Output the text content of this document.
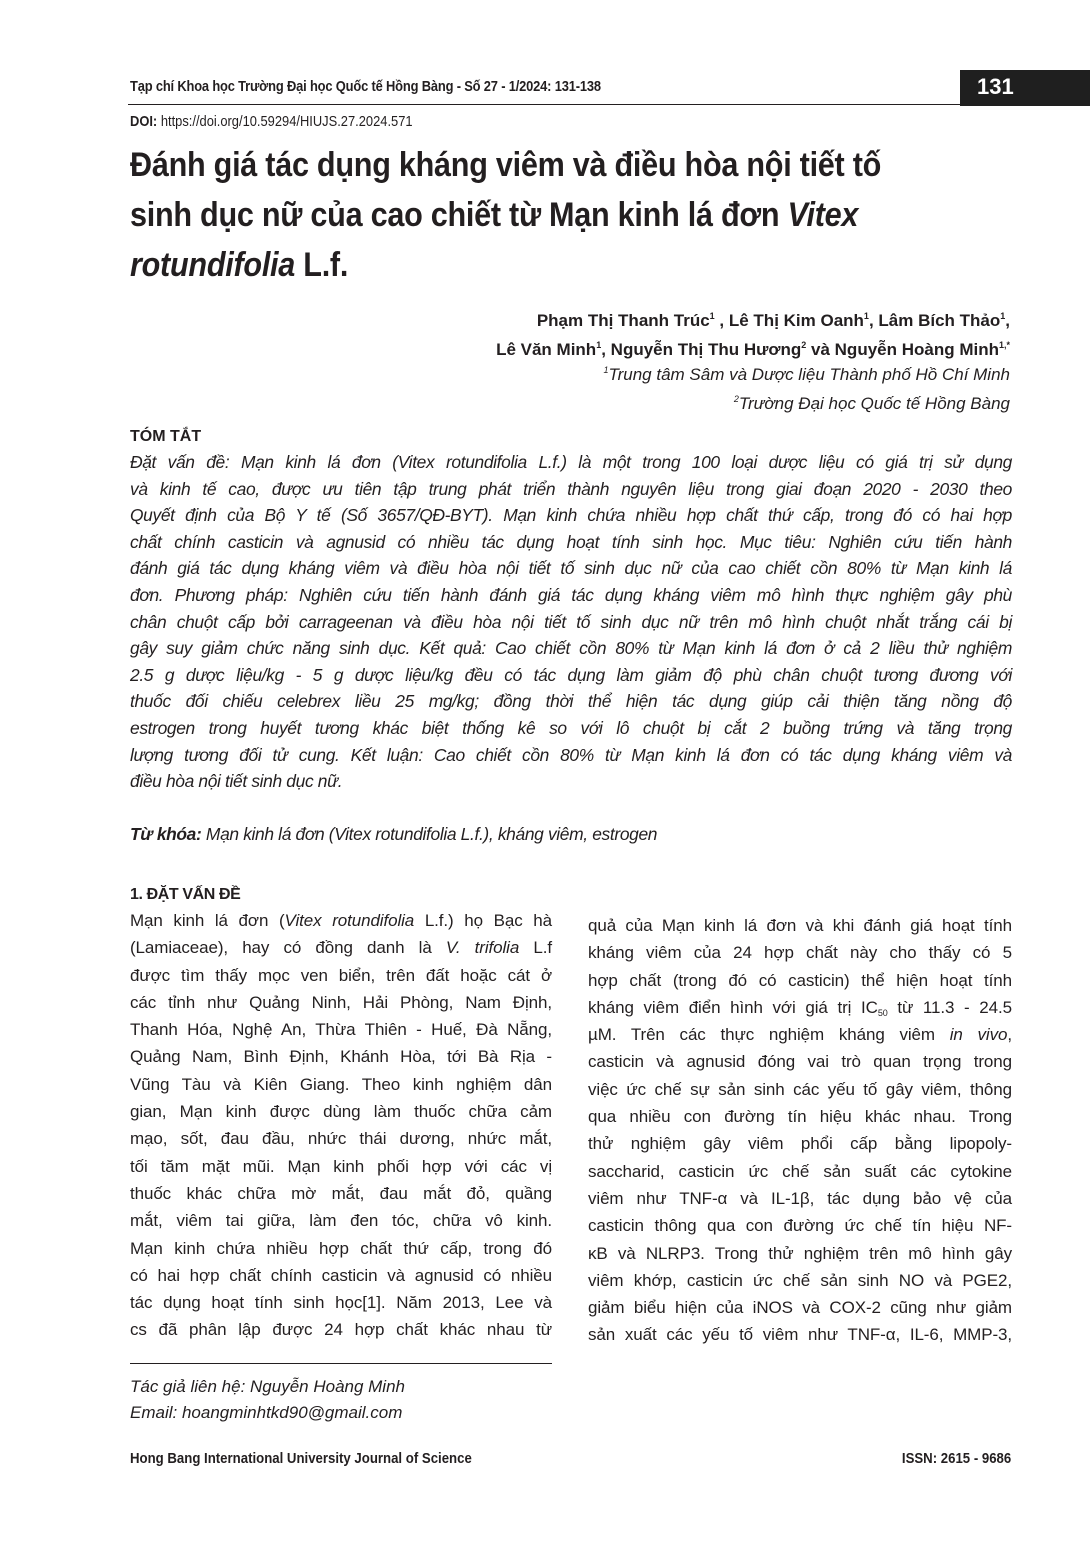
Tạp chí Khoa học Trường Đại học Quốc tế Hồng Bàng - Số 27 - 1/2024: 131-138	131
DOI: https://doi.org/10.59294/HIUJS.27.2024.571
Đánh giá tác dụng kháng viêm và điều hòa nội tiết tố
sinh dục nữ của cao chiết từ Mạn kinh lá đơn Vitex
rotundifolia L.f.
Phạm Thị Thanh Trúc$^1$ , Lê Thị Kim Oanh$^1$, Lâm Bích Thảo$^1$,
Lê Văn Minh$^1$, Nguyễn Thị Thu Hương$^2$ và Nguyễn Hoàng Minh$^{1,*}$
$^1$Trung tâm Sâm và Dược liệu Thành phố Hồ Chí Minh
$^2$Trường Đại học Quốc tế Hồng Bàng
TÓM TẮT
Đặt vấn đề: Mạn kinh lá đơn (Vitex rotundifolia L.f.) là một trong 100 loại dược liệu có giá trị sử dụng
và kinh tế cao, được ưu tiên tập trung phát triển thành nguyên liệu trong giai đoạn 2020 - 2030 theo
Quyết định của Bộ Y tế (Số 3657/QĐ-BYT). Mạn kinh chứa nhiều hợp chất thứ cấp, trong đó có hai hợp
chất chính casticin và agnusid có nhiều tác dụng hoạt tính sinh học. Mục tiêu: Nghiên cứu tiến hành
đánh giá tác dụng kháng viêm và điều hòa nội tiết tố sinh dục nữ của cao chiết cồn 80% từ Mạn kinh lá
đơn. Phương pháp: Nghiên cứu tiến hành đánh giá tác dụng kháng viêm mô hình thực nghiệm gây phù
chân chuột cấp bởi carrageenan và điều hòa nội tiết tố sinh dục nữ trên mô hình chuột nhắt trắng cái bị
gây suy giảm chức năng sinh dục. Kết quả: Cao chiết cồn 80% từ Mạn kinh lá đơn ở cả 2 liều thử nghiệm
2.5 g dược liệu/kg - 5 g dược liệu/kg đều có tác dụng làm giảm độ phù chân chuột tương đương với
thuốc đối chiếu celebrex liều 25 mg/kg; đồng thời thể hiện tác dụng giúp cải thiện tăng nồng độ
estrogen trong huyết tương khác biệt thống kê so với lô chuột bị cắt 2 buồng trứng và tăng trọng
lượng tương đối tử cung. Kết luận: Cao chiết cồn 80% từ Mạn kinh lá đơn có tác dụng kháng viêm và
điều hòa nội tiết sinh dục nữ.
Từ khóa: Mạn kinh lá đơn (Vitex rotundifolia L.f.), kháng viêm, estrogen
1. ĐẶT VẤN ĐỀ
Mạn kinh lá đơn (Vitex rotundifolia L.f.) họ Bạc hà
(Lamiaceae), hay có đồng danh là V. trifolia L.f
được tìm thấy mọc ven biển, trên đất hoặc cát ở
các tỉnh như Quảng Ninh, Hải Phòng, Nam Định,
Thanh Hóa, Nghệ An, Thừa Thiên - Huế, Đà Nẵng,
Quảng Nam, Bình Định, Khánh Hòa, tới Bà Rịa -
Vũng Tàu và Kiên Giang. Theo kinh nghiệm dân
gian, Mạn kinh được dùng làm thuốc chữa cảm
mạo, sốt, đau đầu, nhức thái dương, nhức mắt,
tối tăm mặt mũi. Mạn kinh phối hợp với các vị
thuốc khác chữa mờ mắt, đau mắt đỏ, quầng
mắt, viêm tai giữa, làm đen tóc, chữa vô kinh.
Mạn kinh chứa nhiều hợp chất thứ cấp, trong đó
có hai hợp chất chính casticin và agnusid có nhiều
tác dụng hoạt tính sinh học[1]. Năm 2013, Lee và
cs đã phân lập được 24 hợp chất khác nhau từ
quả của Mạn kinh lá đơn và khi đánh giá hoạt tính
kháng viêm của 24 hợp chất này cho thấy có 5
hợp chất (trong đó có casticin) thể hiện hoạt tính
kháng viêm điển hình với giá trị $IC_{50}$ từ 11.3 - 24.5
µM. Trên các thực nghiệm kháng viêm in vivo,
casticin và agnusid đóng vai trò quan trọng trong
việc ức chế sự sản sinh các yếu tố gây viêm, thông
qua nhiều con đường tín hiệu khác nhau. Trong
thử nghiệm gây viêm phổi cấp bằng lipopoly-
saccharid, casticin ức chế sản suất các cytokine
viêm như TNF-α và IL-1β, tác dụng bảo vệ của
casticin thông qua con đường ức chế tín hiệu NF-
κB và NLRP3. Trong thử nghiệm trên mô hình gây
viêm khớp, casticin ức chế sản sinh NO và PGE2,
giảm biểu hiện của iNOS và COX-2 cũng như giảm
sản xuất các yếu tố viêm như TNF-α, IL-6, MMP-3,
Tác giả liên hệ: Nguyễn Hoàng Minh
Email: hoangminhtkd90@gmail.com
Hong Bang International University Journal of Science	ISSN: 2615 - 9686
